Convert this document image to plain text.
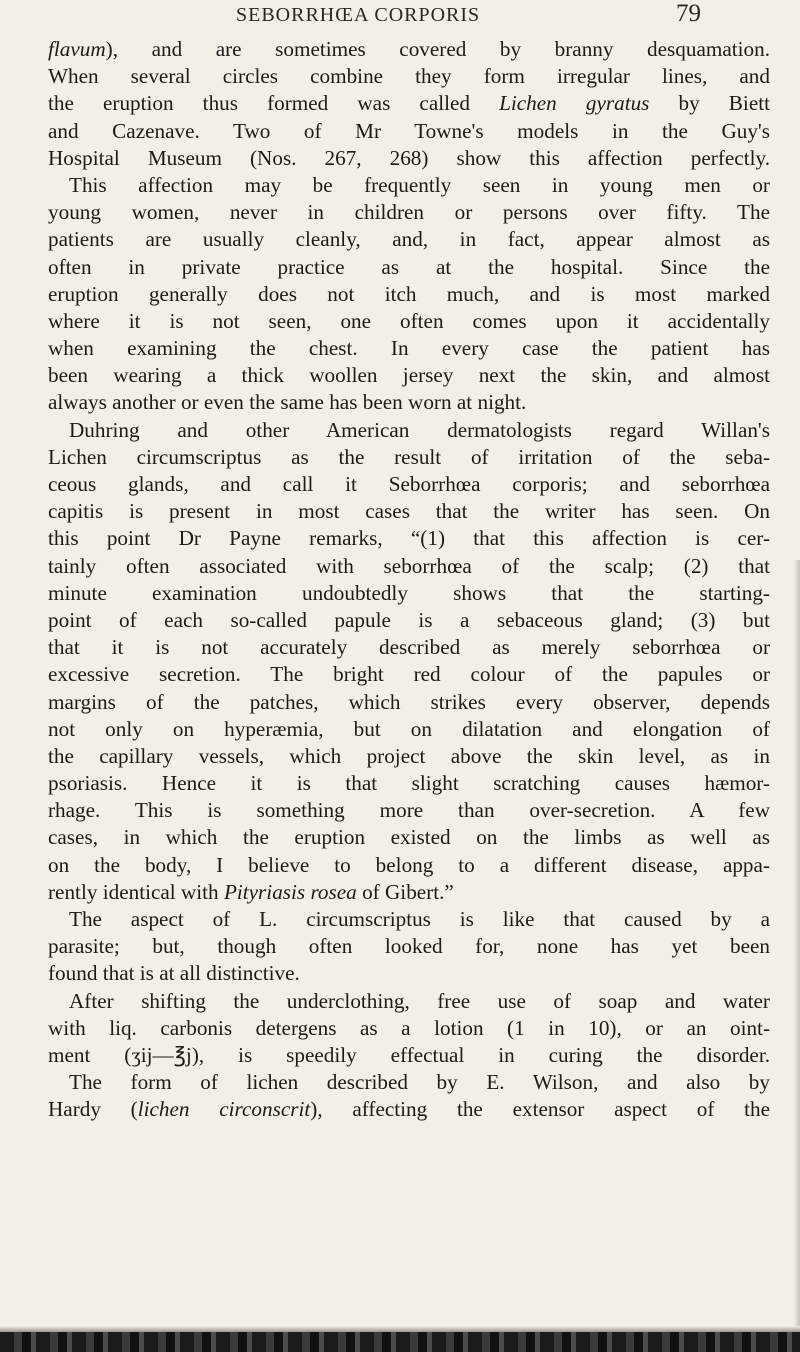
SEBORRHŒA CORPORIS	79
flavum), and are sometimes covered by branny desquamation.
When several circles combine they form irregular lines, and
the eruption thus formed was called Lichen gyratus by Biett
and Cazenave. Two of Mr Towne's models in the Guy's
Hospital Museum (Nos. 267, 268) show this affection perfectly.
This affection may be frequently seen in young men or
young women, never in children or persons over fifty. The
patients are usually cleanly, and, in fact, appear almost as
often in private practice as at the hospital. Since the
eruption generally does not itch much, and is most marked
where it is not seen, one often comes upon it accidentally
when examining the chest. In every case the patient has
been wearing a thick woollen jersey next the skin, and almost
always another or even the same has been worn at night.
Duhring and other American dermatologists regard Willan's
Lichen circumscriptus as the result of irritation of the seba-
ceous glands, and call it Seborrhœa corporis; and seborrhœa
capitis is present in most cases that the writer has seen. On
this point Dr Payne remarks, “(1) that this affection is cer-
tainly often associated with seborrhœa of the scalp; (2) that
minute examination undoubtedly shows that the starting-
point of each so-called papule is a sebaceous gland; (3) but
that it is not accurately described as merely seborrhœa or
excessive secretion. The bright red colour of the papules or
margins of the patches, which strikes every observer, depends
not only on hyperæmia, but on dilatation and elongation of
the capillary vessels, which project above the skin level, as in
psoriasis. Hence it is that slight scratching causes hæmor-
rhage. This is something more than over-secretion. A few
cases, in which the eruption existed on the limbs as well as
on the body, I believe to belong to a different disease, appa-
rently identical with Pityriasis rosea of Gibert.”
The aspect of L. circumscriptus is like that caused by a
parasite; but, though often looked for, none has yet been
found that is at all distinctive.
After shifting the underclothing, free use of soap and water
with liq. carbonis detergens as a lotion (1 in 10), or an oint-
ment (ʒij—℥j), is speedily effectual in curing the disorder.
The form of lichen described by E. Wilson, and also by
Hardy (lichen circonscrit), affecting the extensor aspect of the
